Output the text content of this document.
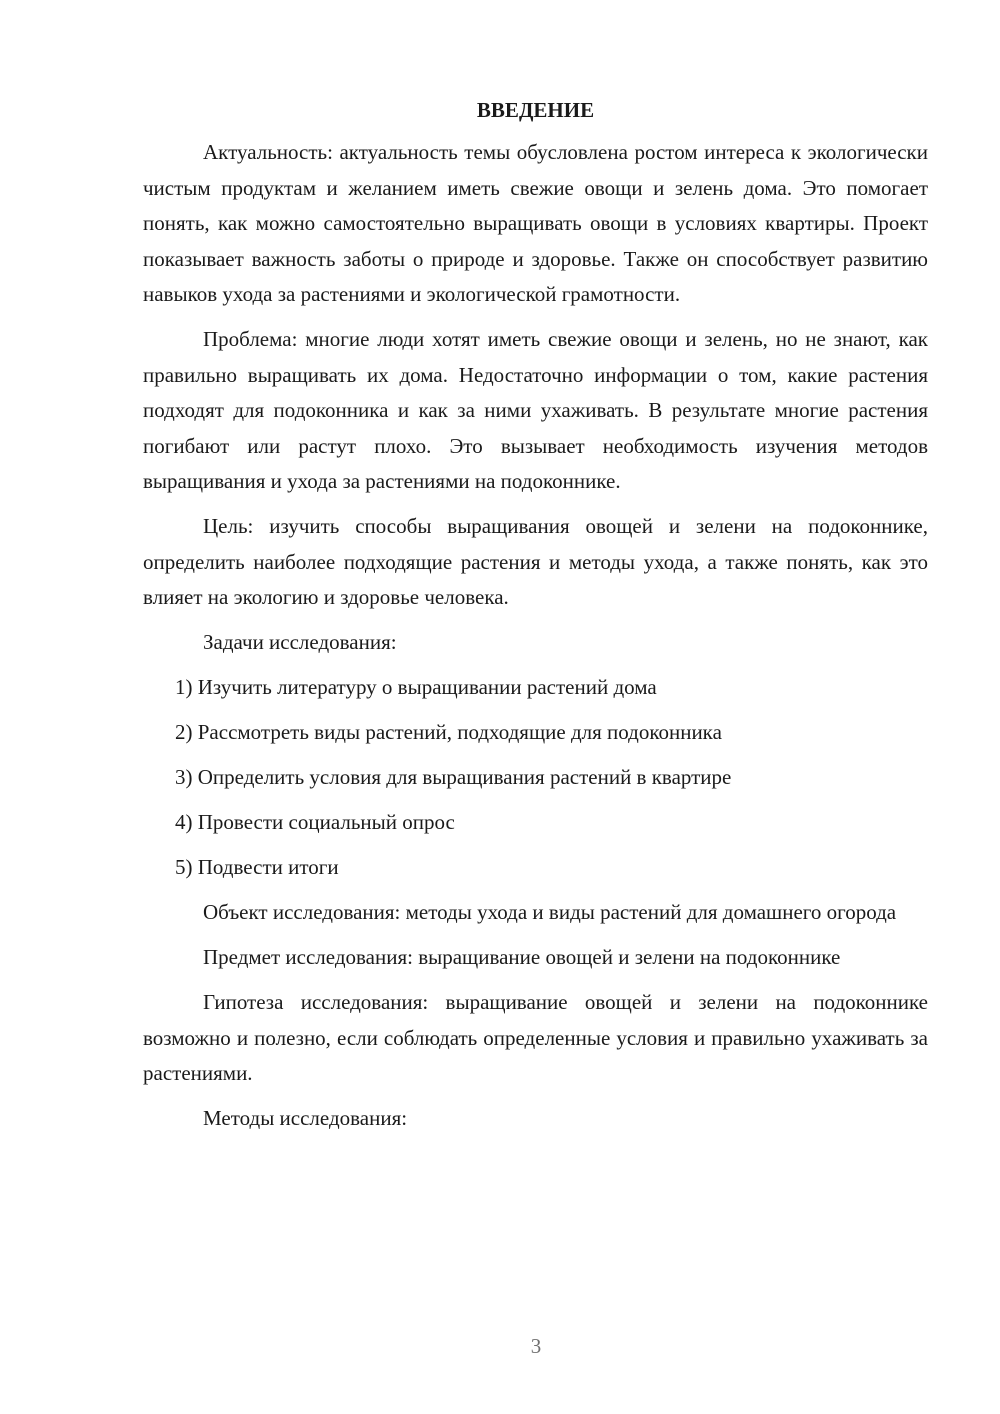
ВВЕДЕНИЕ

Актуальность: актуальность темы обусловлена ростом интереса к экологически чистым продуктам и желанием иметь свежие овощи и зелень дома. Это помогает понять, как можно самостоятельно выращивать овощи в условиях квартиры. Проект показывает важность заботы о природе и здоровье. Также он способствует развитию навыков ухода за растениями и экологической грамотности.

Проблема: многие люди хотят иметь свежие овощи и зелень, но не знают, как правильно выращивать их дома. Недостаточно информации о том, какие растения подходят для подоконника и как за ними ухаживать. В результате многие растения погибают или растут плохо. Это вызывает необходимость изучения методов выращивания и ухода за растениями на подоконнике.

Цель: изучить способы выращивания овощей и зелени на подоконнике, определить наиболее подходящие растения и методы ухода, а также понять, как это влияет на экологию и здоровье человека.

Задачи исследования:

1) Изучить литературу о выращивании растений дома

2) Рассмотреть виды растений, подходящие для подоконника

3) Определить условия для выращивания растений в квартире

4) Провести социальный опрос

5) Подвести итоги

Объект исследования: методы ухода и виды растений для домашнего огорода

Предмет исследования: выращивание овощей и зелени на подоконнике

Гипотеза исследования: выращивание овощей и зелени на подоконнике возможно и полезно, если соблюдать определенные условия и правильно ухаживать за растениями.

Методы исследования:

3
